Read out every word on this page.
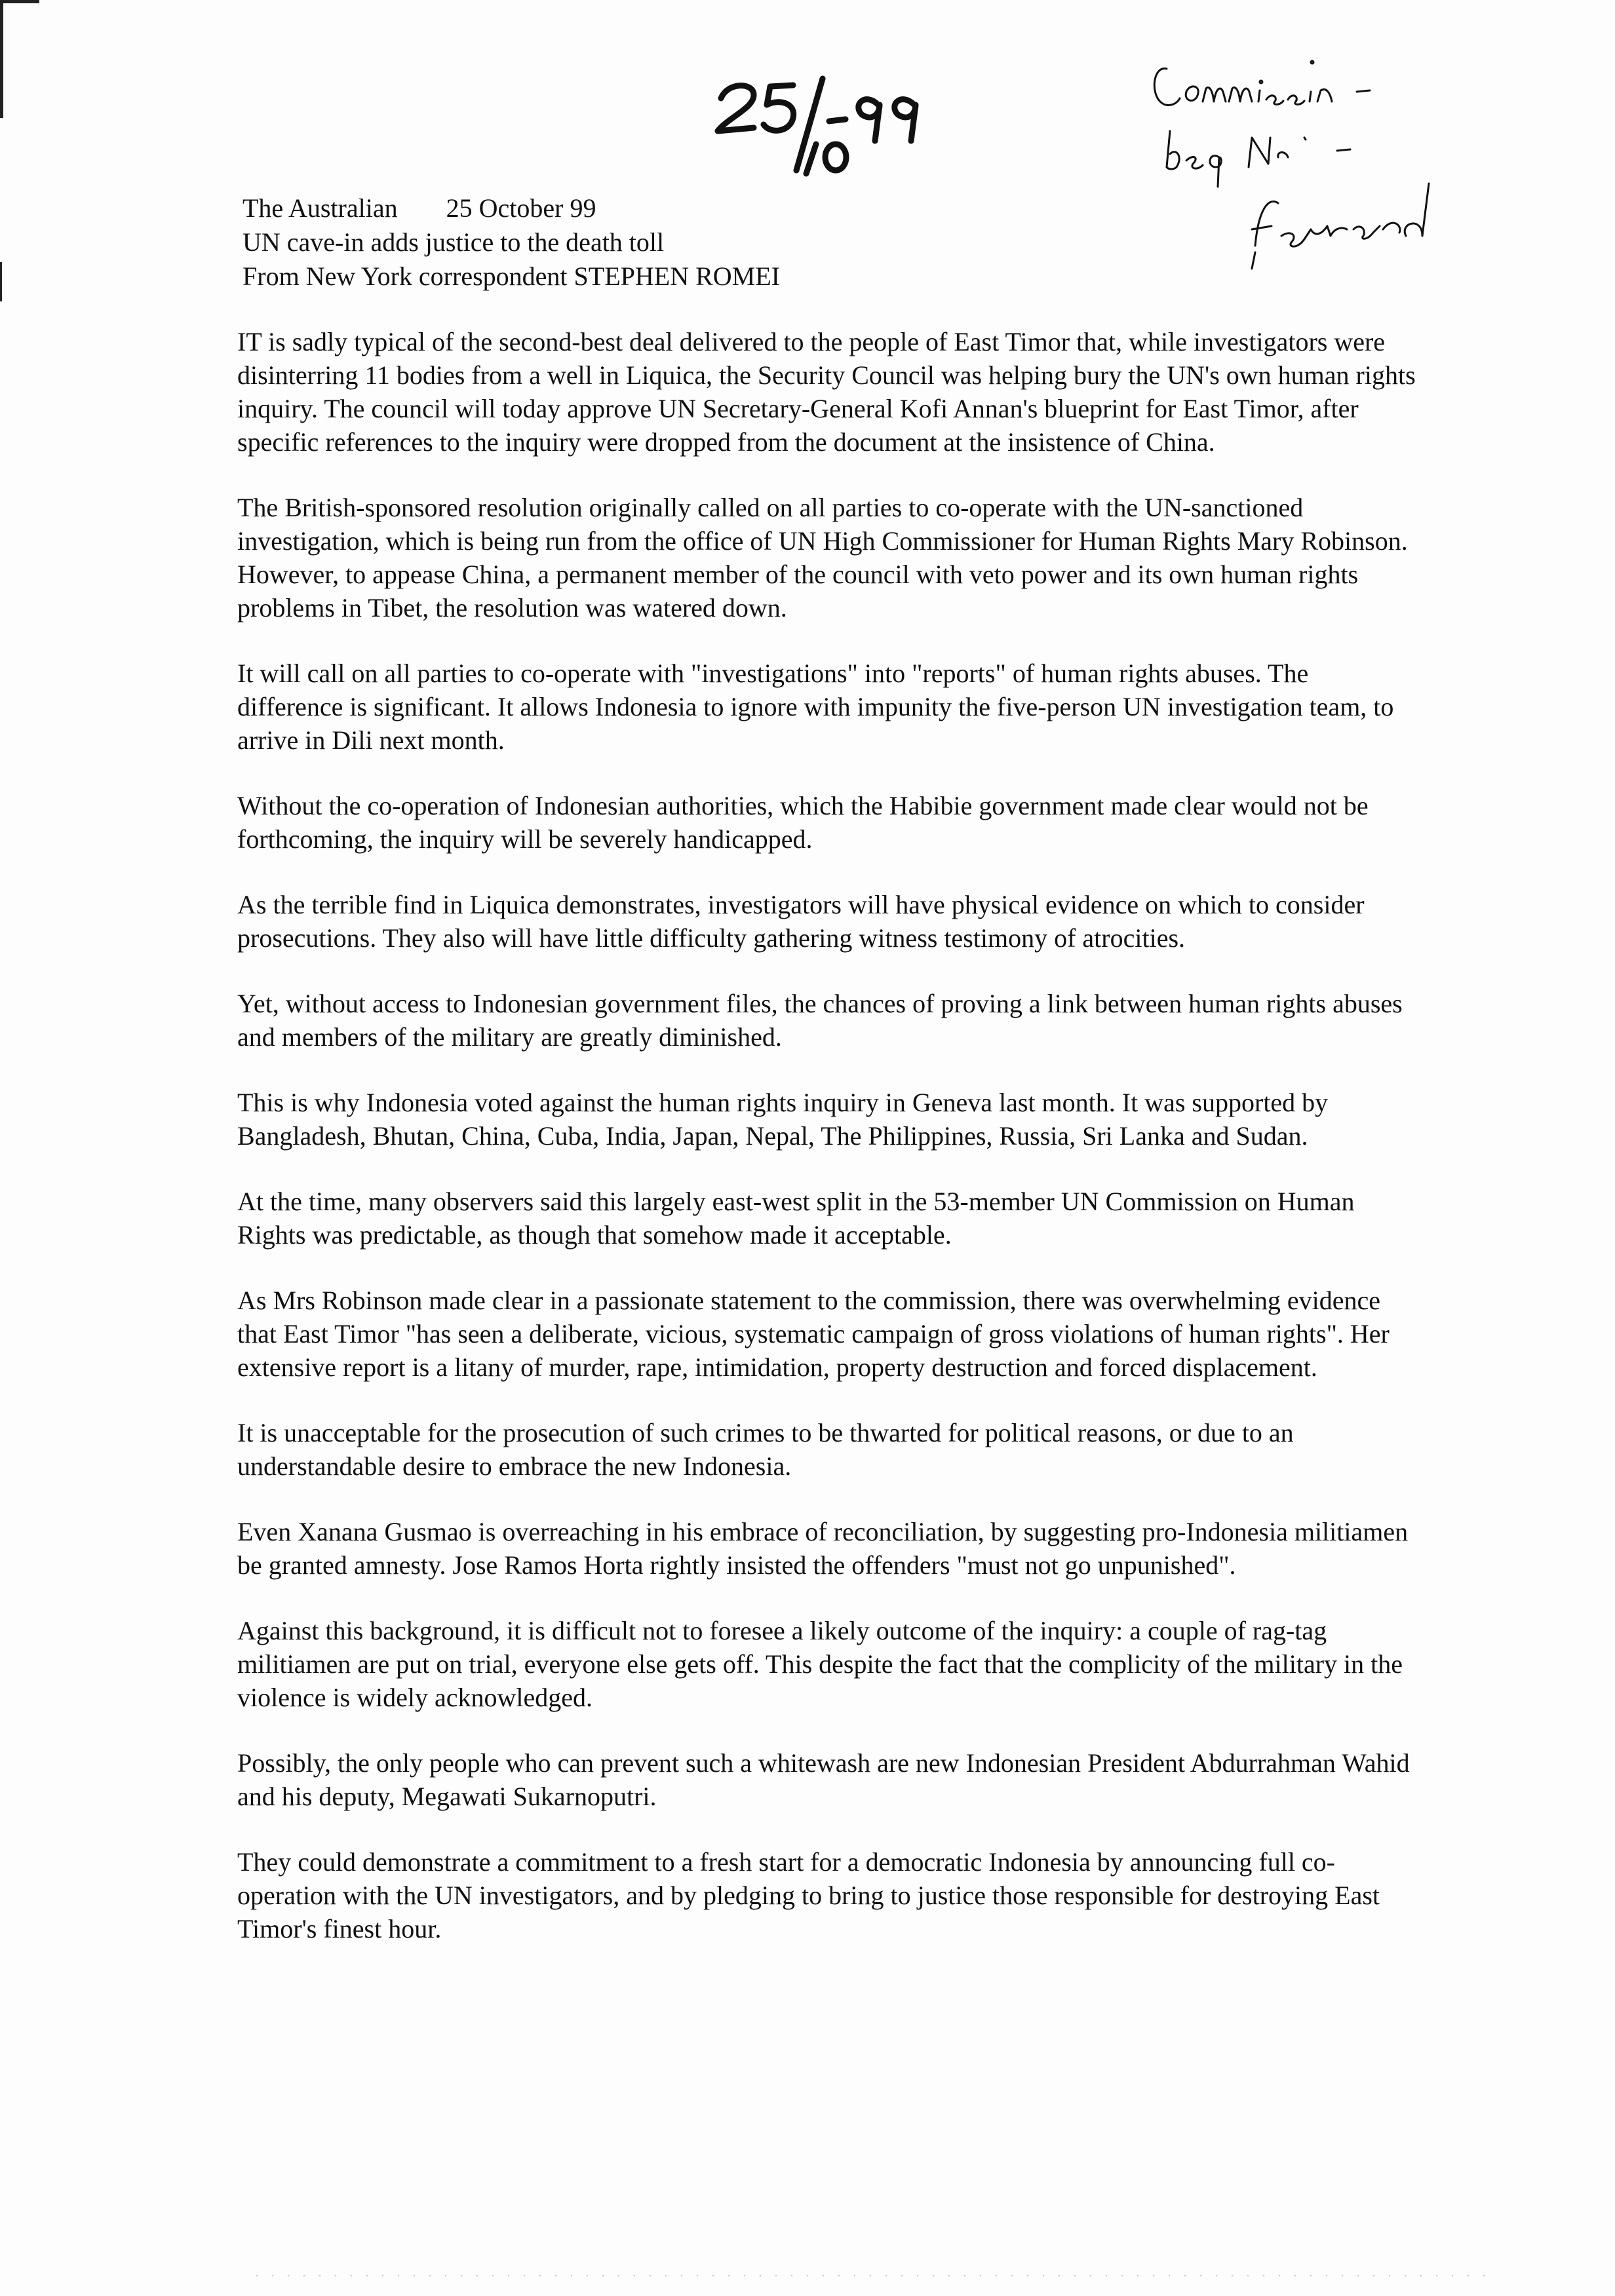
The Australian 25 October 99
UN cave-in adds justice to the death toll
From New York correspondent STEPHEN ROMEI

IT is sadly typical of the second-best deal delivered to the people of East Timor that, while investigators were disinterring 11 bodies from a well in Liquica, the Security Council was helping bury the UN's own human rights inquiry. The council will today approve UN Secretary-General Kofi Annan's blueprint for East Timor, after specific references to the inquiry were dropped from the document at the insistence of China.

The British-sponsored resolution originally called on all parties to co-operate with the UN-sanctioned investigation, which is being run from the office of UN High Commissioner for Human Rights Mary Robinson. However, to appease China, a permanent member of the council with veto power and its own human rights problems in Tibet, the resolution was watered down.

It will call on all parties to co-operate with "investigations" into "reports" of human rights abuses. The difference is significant. It allows Indonesia to ignore with impunity the five-person UN investigation team, to arrive in Dili next month.

Without the co-operation of Indonesian authorities, which the Habibie government made clear would not be forthcoming, the inquiry will be severely handicapped.

As the terrible find in Liquica demonstrates, investigators will have physical evidence on which to consider prosecutions. They also will have little difficulty gathering witness testimony of atrocities.

Yet, without access to Indonesian government files, the chances of proving a link between human rights abuses and members of the military are greatly diminished.

This is why Indonesia voted against the human rights inquiry in Geneva last month. It was supported by Bangladesh, Bhutan, China, Cuba, India, Japan, Nepal, The Philippines, Russia, Sri Lanka and Sudan.

At the time, many observers said this largely east-west split in the 53-member UN Commission on Human Rights was predictable, as though that somehow made it acceptable.

As Mrs Robinson made clear in a passionate statement to the commission, there was overwhelming evidence that East Timor "has seen a deliberate, vicious, systematic campaign of gross violations of human rights". Her extensive report is a litany of murder, rape, intimidation, property destruction and forced displacement.

It is unacceptable for the prosecution of such crimes to be thwarted for political reasons, or due to an understandable desire to embrace the new Indonesia.

Even Xanana Gusmao is overreaching in his embrace of reconciliation, by suggesting pro-Indonesia militiamen be granted amnesty. Jose Ramos Horta rightly insisted the offenders "must not go unpunished".

Against this background, it is difficult not to foresee a likely outcome of the inquiry: a couple of rag-tag militiamen are put on trial, everyone else gets off. This despite the fact that the complicity of the military in the violence is widely acknowledged.

Possibly, the only people who can prevent such a whitewash are new Indonesian President Abdurrahman Wahid and his deputy, Megawati Sukarnoputri.

They could demonstrate a commitment to a fresh start for a democratic Indonesia by announcing full co-operation with the UN investigators, and by pledging to bring to justice those responsible for destroying East Timor's finest hour.
